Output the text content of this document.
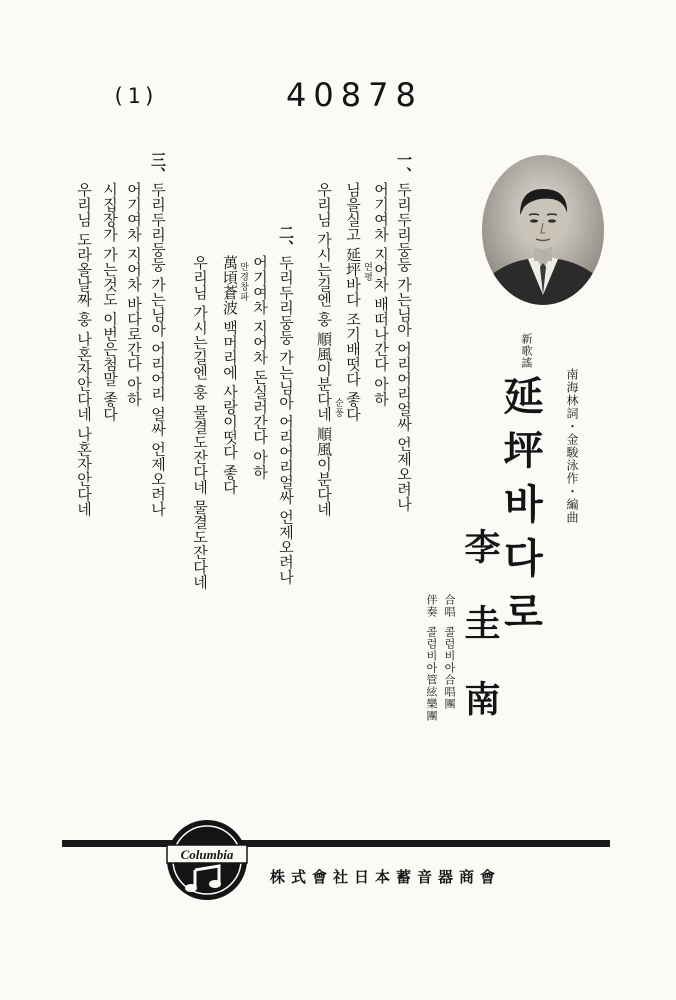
(1)	40878
新歌謠
延坪바다로 南海林詞・金駿泳作・編曲
李圭南
合唱
콜럼비아合唱團
伴奏
콜럼비아管絃樂團
一、
두리두리둥둥 가는님아 어리어리얼싸 언제오려나
어기여차 지어차 배떠나간다 아하
님을실고 延坪바다 조기배떳다 좋다
우리님 가시는길엔 훙 順風이분다네 順風이분다네	연평
순풍
二、
두리두리둥둥 가는님아 어리어리얼싸 언제오려나
어기여차 지어차 돈실러간다 아하
萬頃蒼波 백머리에 사랑이떳다 좋다
우리님 가시는길엔 훙 물결도잔다네 물결도잔다네	만경창파
三、
두리두리둥둥 가는님아 어리어리 얼싸 언제오려나
어기여차 지어차 바다로간다 아하
시집장가 가는것도 이번은첨말 좋다
우리님 도라올날짜 훙 나혼자안다네 나혼자안다네
Columbia
株式會社日本蓄音器商會
